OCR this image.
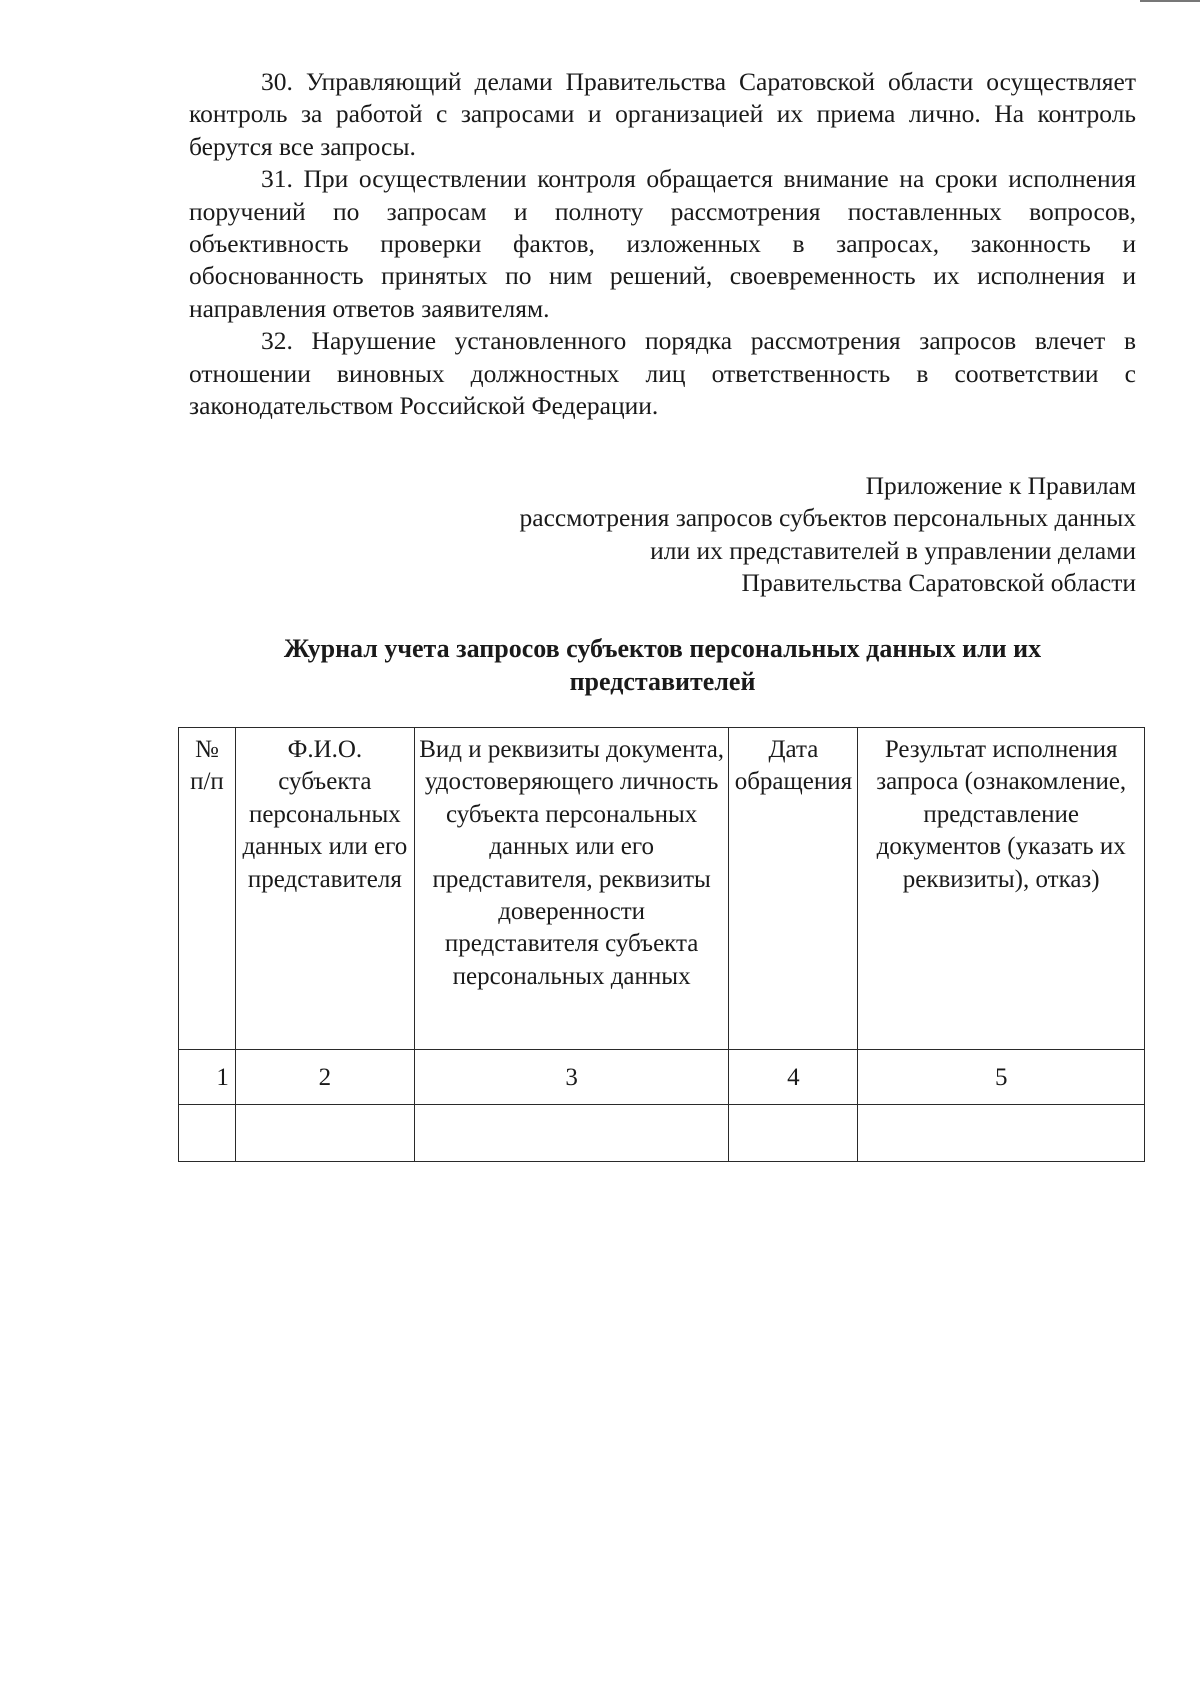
30. Управляющий делами Правительства Саратовской области осуществляет контроль за работой с запросами и организацией их приема лично. На контроль берутся все запросы.

31. При осуществлении контроля обращается внимание на сроки исполнения поручений по запросам и полноту рассмотрения поставленных вопросов, объективность проверки фактов, изложенных в запросах, законность и обоснованность принятых по ним решений, своевременность их исполнения и направления ответов заявителям.

32. Нарушение установленного порядка рассмотрения запросов влечет в отношении виновных должностных лиц ответственность в соответствии с законодательством Российской Федерации.

Приложение к Правилам
рассмотрения запросов субъектов персональных данных
или их представителей в управлении делами
Правительства Саратовской области
Журнал учета запросов субъектов персональных данных или их представителей
№ п/п	Ф.И.О. субъекта персональных данных или его представителя	Вид и реквизиты документа, удостоверяющего личность субъекта персональных данных или его представителя, реквизиты доверенности представителя субъекта персональных данных	Дата обращения	Результат исполнения запроса (ознакомление, представление документов (указать их реквизиты), отказ)
1	2	3	4	5
